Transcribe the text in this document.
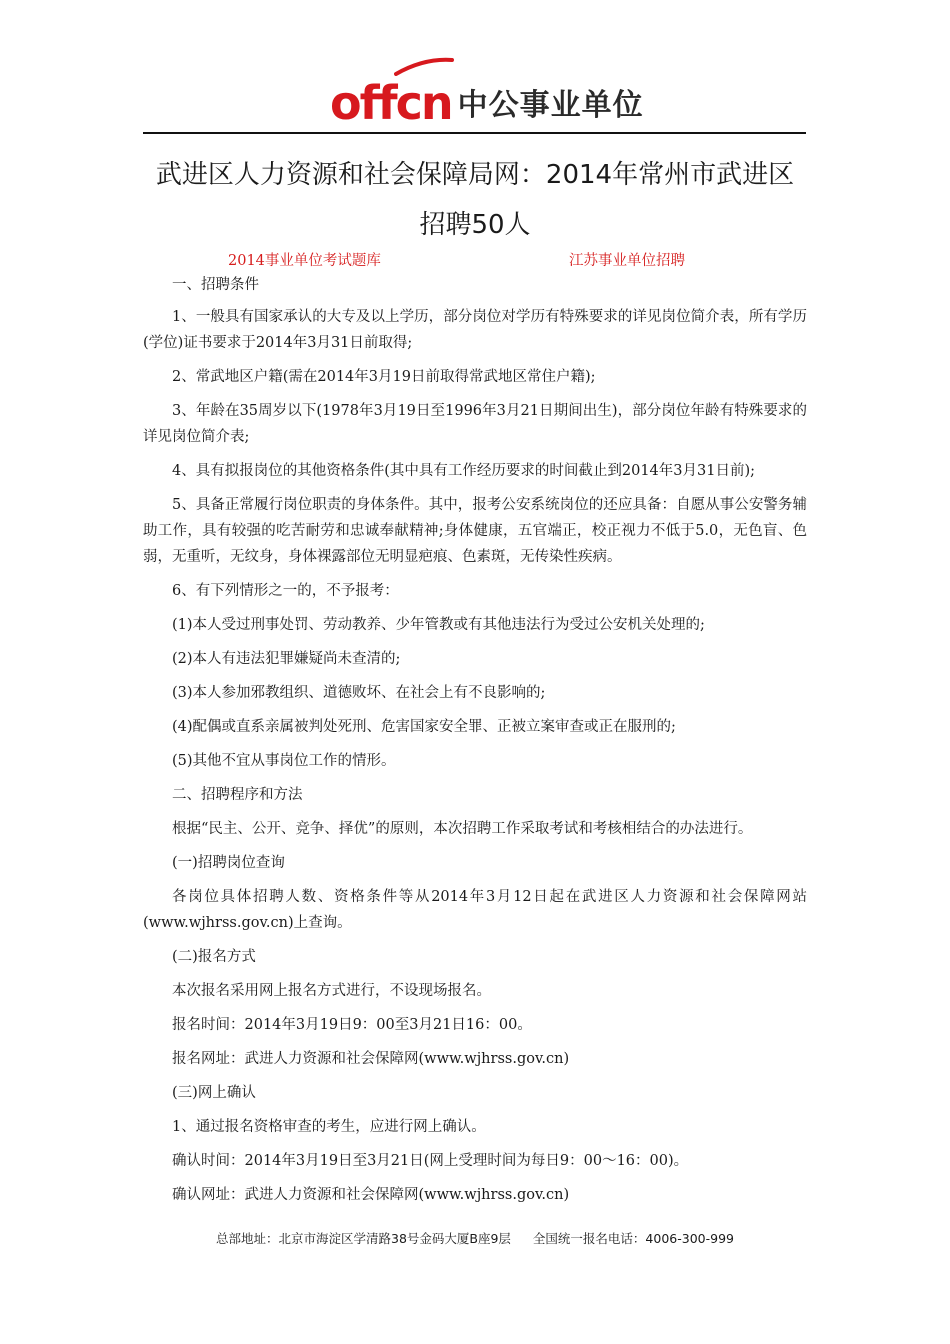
offcn 中公事业单位
武进区人力资源和社会保障局网：2014年常州市武进区
招聘50人
2014事业单位考试题库	江苏事业单位招聘

一、招聘条件

1、一般具有国家承认的大专及以上学历，部分岗位对学历有特殊要求的详见岗位简介表，所有学历(学位)证书要求于2014年3月31日前取得;

2、常武地区户籍(需在2014年3月19日前取得常武地区常住户籍);

3、年龄在35周岁以下(1978年3月19日至1996年3月21日期间出生)，部分岗位年龄有特殊要求的详见岗位简介表;

4、具有拟报岗位的其他资格条件(其中具有工作经历要求的时间截止到2014年3月31日前);

5、具备正常履行岗位职责的身体条件。其中，报考公安系统岗位的还应具备：自愿从事公安警务辅助工作，具有较强的吃苦耐劳和忠诚奉献精神;身体健康，五官端正，校正视力不低于5.0，无色盲、色弱，无重听，无纹身，身体裸露部位无明显疤痕、色素斑，无传染性疾病。

6、有下列情形之一的，不予报考：

(1)本人受过刑事处罚、劳动教养、少年管教或有其他违法行为受过公安机关处理的;

(2)本人有违法犯罪嫌疑尚未查清的;

(3)本人参加邪教组织、道德败坏、在社会上有不良影响的;

(4)配偶或直系亲属被判处死刑、危害国家安全罪、正被立案审查或正在服刑的;

(5)其他不宜从事岗位工作的情形。

二、招聘程序和方法

根据“民主、公开、竞争、择优”的原则，本次招聘工作采取考试和考核相结合的办法进行。

(一)招聘岗位查询

各岗位具体招聘人数、资格条件等从2014年3月12日起在武进区人力资源和社会保障网站(www.wjhrss.gov.cn)上查询。

(二)报名方式

本次报名采用网上报名方式进行，不设现场报名。

报名时间：2014年3月19日9：00至3月21日16：00。

报名网址：武进人力资源和社会保障网(www.wjhrss.gov.cn)

(三)网上确认

1、通过报名资格审查的考生，应进行网上确认。

确认时间：2014年3月19日至3月21日(网上受理时间为每日9：00～16：00)。

确认网址：武进人力资源和社会保障网(www.wjhrss.gov.cn)

总部地址：北京市海淀区学清路38号金码大厦B座9层 全国统一报名电话：4006-300-999
